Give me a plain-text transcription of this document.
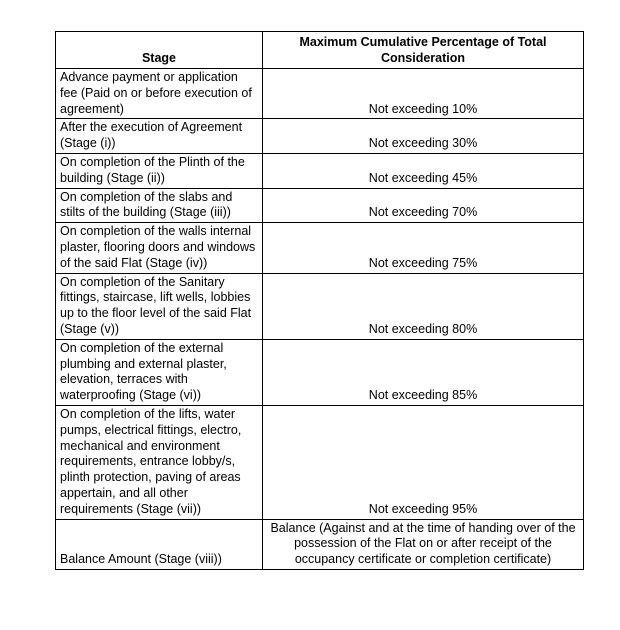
Stage	Maximum Cumulative Percentage of Total Consideration
Advance payment or application fee (Paid on or before execution of agreement)	Not exceeding 10%
After the execution of Agreement (Stage (i))	Not exceeding 30%
On completion of the Plinth of the building (Stage (ii))	Not exceeding 45%
On completion of the slabs and stilts of the building (Stage (iii))	Not exceeding 70%
On completion of the walls internal plaster, flooring doors and windows of the said Flat (Stage (iv))	Not exceeding 75%
On completion of the Sanitary fittings, staircase, lift wells, lobbies up to the floor level of the said Flat (Stage (v))	Not exceeding 80%
On completion of the external plumbing and external plaster, elevation, terraces with waterproofing (Stage (vi))	Not exceeding 85%
On completion of the lifts, water pumps, electrical fittings, electro, mechanical and environment requirements, entrance lobby/s, plinth protection, paving of areas appertain, and all other requirements (Stage (vii))	Not exceeding 95%
Balance Amount (Stage (viii))	Balance (Against and at the time of handing over of the possession of the Flat on or after receipt of the occupancy certificate or completion certificate)
